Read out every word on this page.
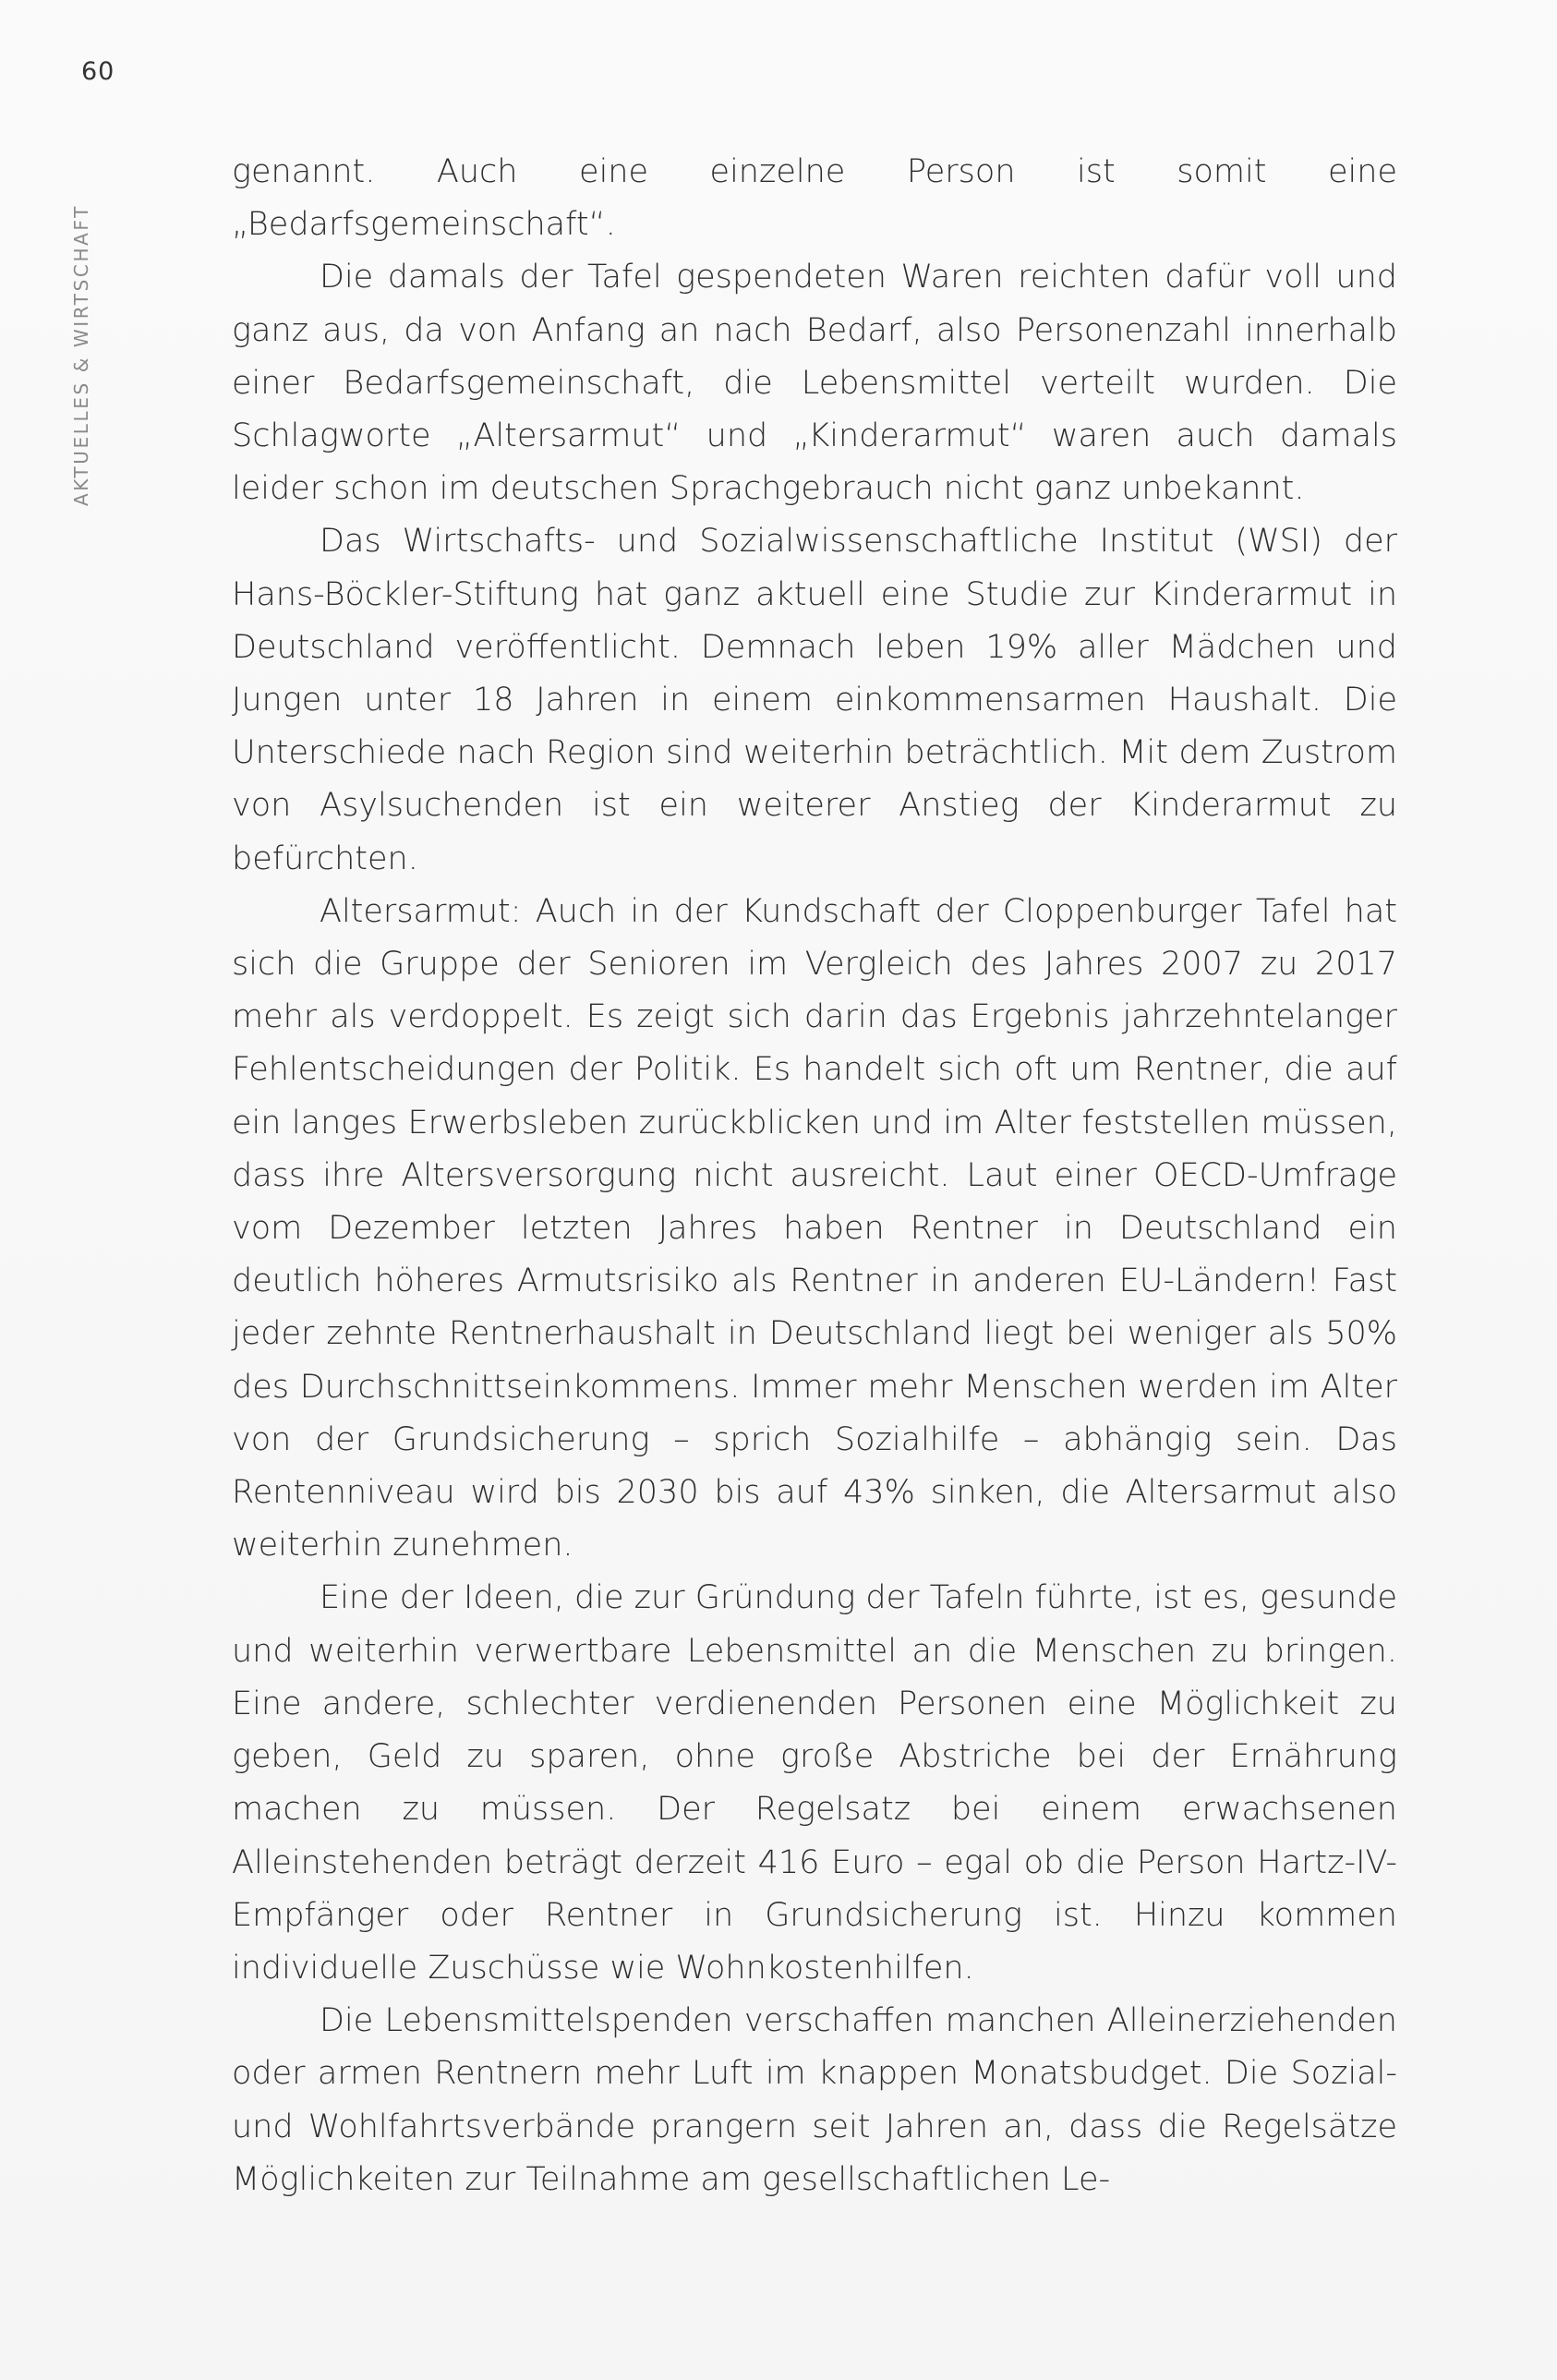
60
AKTUELLES & WIRTSCHAFT

genannt. Auch eine einzelne Person ist somit eine „Bedarfsgemeinschaft“.

Die damals der Tafel gespendeten Waren reichten dafür voll und ganz aus, da von Anfang an nach Bedarf, also Personenzahl innerhalb einer Bedarfsgemeinschaft, die Lebensmittel verteilt wurden. Die Schlagworte „Altersarmut“ und „Kinderarmut“ waren auch damals leider schon im deutschen Sprachgebrauch nicht ganz unbekannt.

Das Wirtschafts- und Sozialwissenschaftliche Institut (WSI) der Hans-Böckler-Stiftung hat ganz aktuell eine Studie zur Kinderarmut in Deutschland veröffentlicht. Demnach leben 19% aller Mädchen und Jungen unter 18 Jahren in einem einkommensarmen Haushalt. Die Unterschiede nach Region sind weiterhin beträchtlich. Mit dem Zustrom von Asylsuchenden ist ein weiterer Anstieg der Kinderarmut zu befürchten.

Altersarmut: Auch in der Kundschaft der Cloppenburger Tafel hat sich die Gruppe der Senioren im Vergleich des Jahres 2007 zu 2017 mehr als verdoppelt. Es zeigt sich darin das Ergebnis jahrzehntelanger Fehlentscheidungen der Politik. Es handelt sich oft um Rentner, die auf ein langes Erwerbsleben zurückblicken und im Alter feststellen müssen, dass ihre Altersversorgung nicht ausreicht. Laut einer OECD-Umfrage vom Dezember letzten Jahres haben Rentner in Deutschland ein deutlich höheres Armutsrisiko als Rentner in anderen EU-Ländern! Fast jeder zehnte Rentnerhaushalt in Deutschland liegt bei weniger als 50% des Durchschnittseinkommens. Immer mehr Menschen werden im Alter von der Grundsicherung – sprich Sozialhilfe – abhängig sein. Das Rentenniveau wird bis 2030 bis auf 43% sinken, die Altersarmut also weiterhin zunehmen.

Eine der Ideen, die zur Gründung der Tafeln führte, ist es, gesunde und weiterhin verwertbare Lebensmittel an die Menschen zu bringen. Eine andere, schlechter verdienenden Personen eine Möglichkeit zu geben, Geld zu sparen, ohne große Abstriche bei der Ernährung machen zu müssen. Der Regelsatz bei einem erwachsenen Alleinstehenden beträgt derzeit 416 Euro – egal ob die Person Hartz-IV-Empfänger oder Rentner in Grundsicherung ist. Hinzu kommen individuelle Zuschüsse wie Wohnkostenhilfen.

Die Lebensmittelspenden verschaffen manchen Alleinerziehenden oder armen Rentnern mehr Luft im knappen Monatsbudget. Die Sozial- und Wohlfahrtsverbände prangern seit Jahren an, dass die Regelsätze Möglichkeiten zur Teilnahme am gesellschaftlichen Le-
